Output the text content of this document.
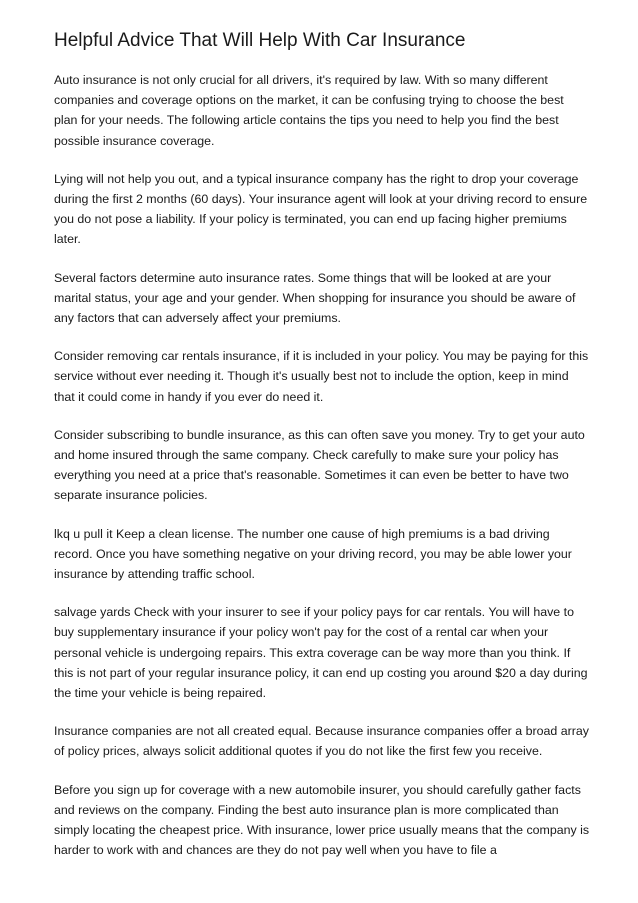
Helpful Advice That Will Help With Car Insurance

Auto insurance is not only crucial for all drivers, it's required by law. With so many different companies and coverage options on the market, it can be confusing trying to choose the best plan for your needs. The following article contains the tips you need to help you find the best possible insurance coverage.

Lying will not help you out, and a typical insurance company has the right to drop your coverage during the first 2 months (60 days). Your insurance agent will look at your driving record to ensure you do not pose a liability. If your policy is terminated, you can end up facing higher premiums later.

Several factors determine auto insurance rates. Some things that will be looked at are your marital status, your age and your gender. When shopping for insurance you should be aware of any factors that can adversely affect your premiums.

Consider removing car rentals insurance, if it is included in your policy. You may be paying for this service without ever needing it. Though it's usually best not to include the option, keep in mind that it could come in handy if you ever do need it.

Consider subscribing to bundle insurance, as this can often save you money. Try to get your auto and home insured through the same company. Check carefully to make sure your policy has everything you need at a price that's reasonable. Sometimes it can even be better to have two separate insurance policies.

lkq u pull it Keep a clean license. The number one cause of high premiums is a bad driving record. Once you have something negative on your driving record, you may be able lower your insurance by attending traffic school.

salvage yards Check with your insurer to see if your policy pays for car rentals. You will have to buy supplementary insurance if your policy won't pay for the cost of a rental car when your personal vehicle is undergoing repairs. This extra coverage can be way more than you think. If this is not part of your regular insurance policy, it can end up costing you around $20 a day during the time your vehicle is being repaired.

Insurance companies are not all created equal. Because insurance companies offer a broad array of policy prices, always solicit additional quotes if you do not like the first few you receive.

Before you sign up for coverage with a new automobile insurer, you should carefully gather facts and reviews on the company. Finding the best auto insurance plan is more complicated than simply locating the cheapest price. With insurance, lower price usually means that the company is harder to work with and chances are they do not pay well when you have to file a
